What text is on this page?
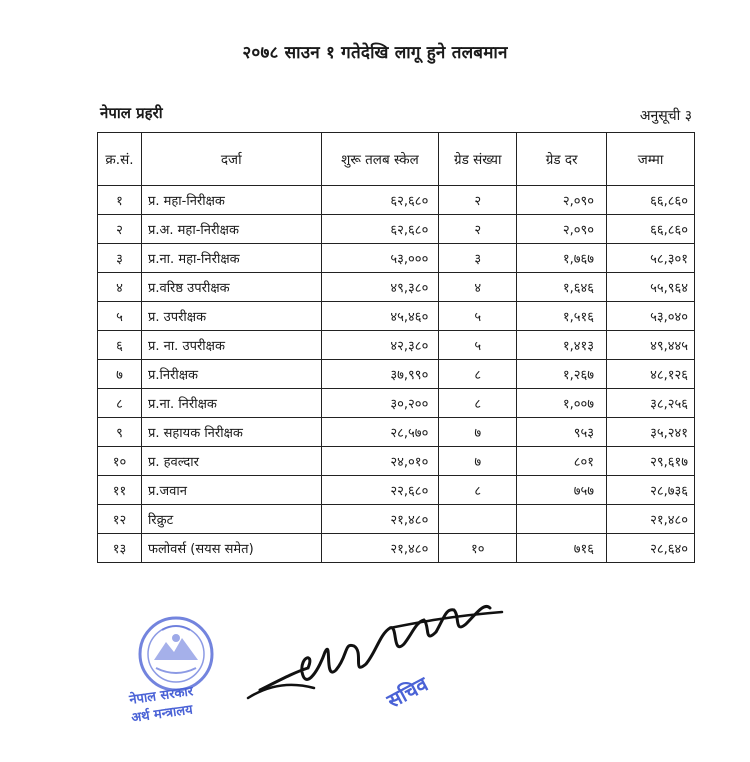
२०७८ साउन १ गतेदेखि लागू हुने तलबमान
नेपाल प्रहरी	अनुसूची ३
क्र.सं.	दर्जा	शुरू तलब स्केल	ग्रेड संख्या	ग्रेड दर	जम्मा
१	प्र. महा-निरीक्षक	६२,६८०	२	२,०९०	६६,८६०
२	प्र.अ. महा-निरीक्षक	६२,६८०	२	२,०९०	६६,८६०
३	प्र.ना. महा-निरीक्षक	५३,०००	३	१,७६७	५८,३०१
४	प्र.वरिष्ठ उपरीक्षक	४९,३८०	४	१,६४६	५५,९६४
५	प्र. उपरीक्षक	४५,४६०	५	१,५१६	५३,०४०
६	प्र. ना. उपरीक्षक	४२,३८०	५	१,४१३	४९,४४५
७	प्र.निरीक्षक	३७,९९०	८	१,२६७	४८,१२६
८	प्र.ना. निरीक्षक	३०,२००	८	१,००७	३८,२५६
९	प्र. सहायक निरीक्षक	२८,५७०	७	९५३	३५,२४१
१०	प्र. हवल्दार	२४,०१०	७	८०१	२९,६१७
११	प्र.जवान	२२,६८०	८	७५७	२८,७३६
१२	रिक्रुट	२१,४८०			२१,४८०
१३	फलोवर्स (सयस समेत)	२१,४८०	१०	७१६	२८,६४०
नेपाल सरकार
अर्थ मन्त्रालय
सचिव
